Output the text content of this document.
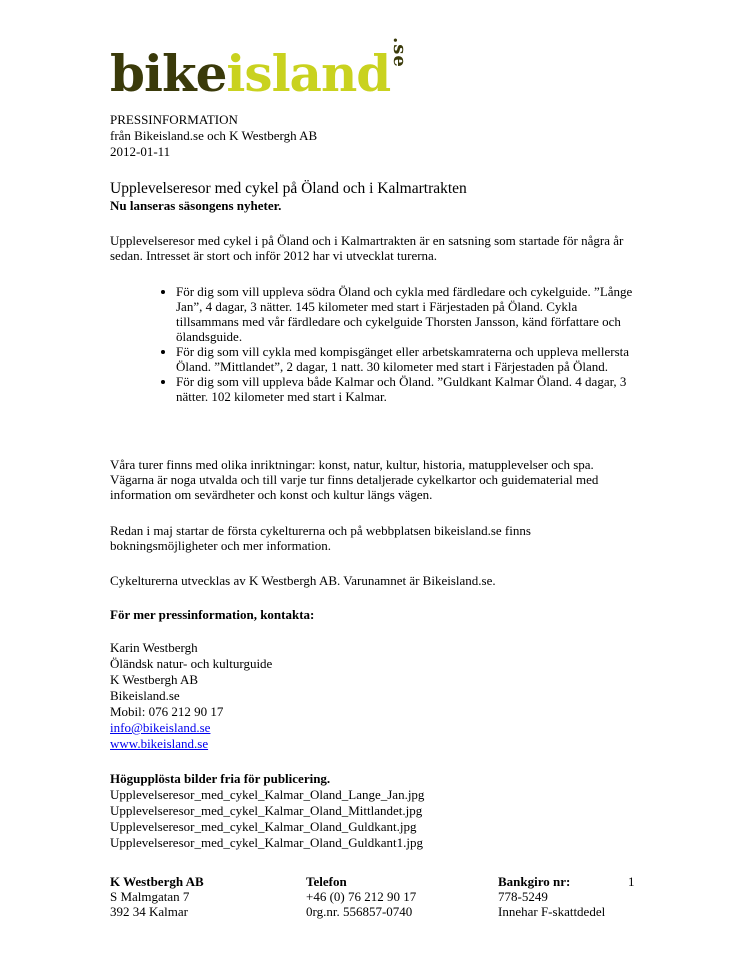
bikeisland.se
PRESSINFORMATION
från Bikeisland.se och K Westbergh AB
2012-01-11
Upplevelseresor med cykel på Öland och i Kalmartrakten
Nu lanseras säsongens nyheter.
Upplevelseresor med cykel i på Öland och i Kalmartrakten är en satsning som startade för några år sedan. Intresset är stort och inför 2012 har vi utvecklat turerna.
• För dig som vill uppleva södra Öland och cykla med färdledare och cykelguide. ”Långe Jan”, 4 dagar, 3 nätter. 145 kilometer med start i Färjestaden på Öland. Cykla tillsammans med vår färdledare och cykelguide Thorsten Jansson, känd författare och ölandsguide.
• För dig som vill cykla med kompisgänget eller arbetskamraterna och uppleva mellersta Öland. ”Mittlandet”, 2 dagar, 1 natt. 30 kilometer med start i Färjestaden på Öland.
• För dig som vill uppleva både Kalmar och Öland. ”Guldkant Kalmar Öland. 4 dagar, 3 nätter. 102 kilometer med start i Kalmar.
Våra turer finns med olika inriktningar: konst, natur, kultur, historia, matupplevelser och spa. Vägarna är noga utvalda och till varje tur finns detaljerade cykelkartor och guidematerial med information om sevärdheter och konst och kultur längs vägen.
Redan i maj startar de första cykelturerna och på webbplatsen bikeisland.se finns bokningsmöjligheter och mer information.
Cykelturerna utvecklas av K Westbergh AB. Varunamnet är Bikeisland.se.
För mer pressinformation, kontakta:
Karin Westbergh
Öländsk natur- och kulturguide
K Westbergh AB
Bikeisland.se
Mobil: 076 212 90 17
info@bikeisland.se
www.bikeisland.se
Högupplösta bilder fria för publicering.
Upplevelseresor_med_cykel_Kalmar_Oland_Lange_Jan.jpg
Upplevelseresor_med_cykel_Kalmar_Oland_Mittlandet.jpg
Upplevelseresor_med_cykel_Kalmar_Oland_Guldkant.jpg
Upplevelseresor_med_cykel_Kalmar_Oland_Guldkant1.jpg
K Westbergh AB
S Malmgatan 7
392 34 Kalmar
Telefon
+46 (0) 76 212 90 17
0rg.nr. 556857-0740
Bankgiro nr:
778-5249
Innehar F-skattdedel
1
